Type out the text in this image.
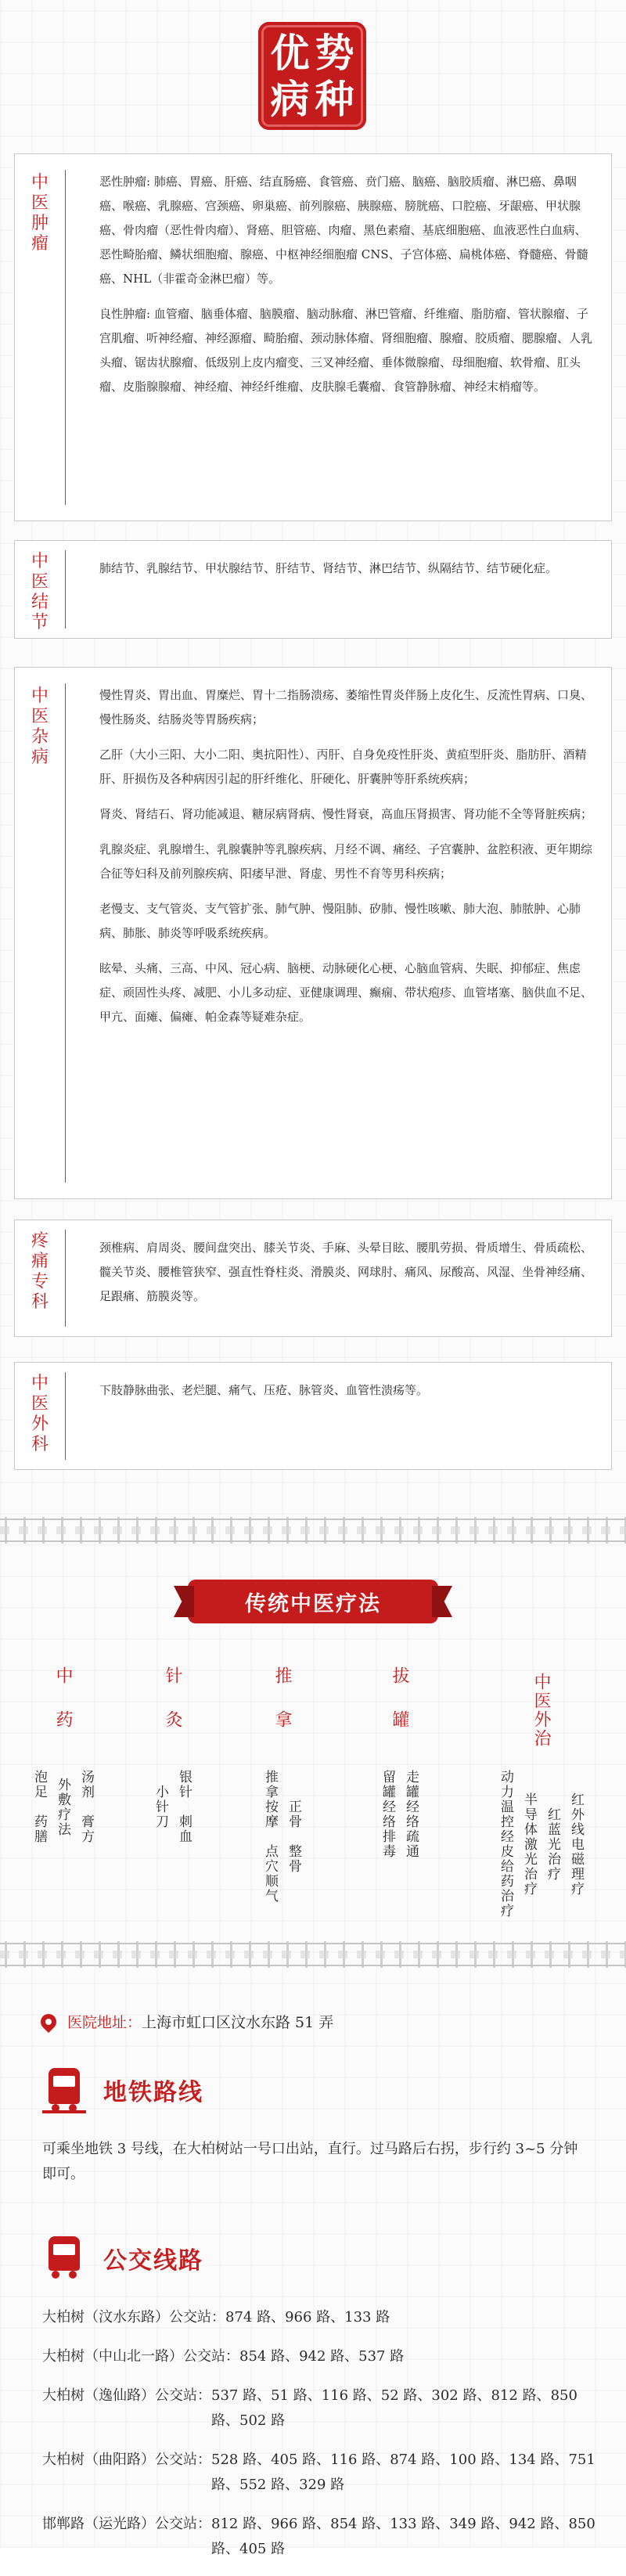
优 势
病 种
中
医
肿
瘤

恶性肿瘤: 肺癌、胃癌、肝癌、结直肠癌、食管癌、贲门癌、脑癌、脑胶质瘤、淋巴癌、鼻咽癌、喉癌、乳腺癌、宫颈癌、卵巢癌、前列腺癌、胰腺癌、膀胱癌、口腔癌、牙龈癌、甲状腺癌、骨肉瘤（恶性骨肉瘤）、肾癌、胆管癌、肉瘤、黑色素瘤、基底细胞癌、血液恶性白血病、恶性畸胎瘤、鳞状细胞瘤、腺癌、中枢神经细胞瘤 CNS、子宫体癌、扁桃体癌、脊髓癌、骨髓癌、NHL（非霍奇金淋巴瘤）等。

良性肿瘤: 血管瘤、脑垂体瘤、脑膜瘤、脑动脉瘤、淋巴管瘤、纤维瘤、脂肪瘤、管状腺瘤、子宫肌瘤、听神经瘤、神经源瘤、畸胎瘤、颈动脉体瘤、肾细胞瘤、腺瘤、胶质瘤、腮腺瘤、人乳头瘤、锯齿状腺瘤、低级别上皮内瘤变、三叉神经瘤、垂体微腺瘤、母细胞瘤、软骨瘤、肛头瘤、皮脂腺腺瘤、神经瘤、神经纤维瘤、皮肤腺毛囊瘤、食管静脉瘤、神经末梢瘤等。

中
医
结
节

肺结节、乳腺结节、甲状腺结节、肝结节、肾结节、淋巴结节、纵隔结节、结节硬化症。

中
医
杂
病

慢性胃炎、胃出血、胃糜烂、胃十二指肠溃疡、萎缩性胃炎伴肠上皮化生、反流性胃病、口臭、慢性肠炎、结肠炎等胃肠疾病；

乙肝（大小三阳、大小二阳、奥抗阳性）、丙肝、自身免疫性肝炎、黄疸型肝炎、脂肪肝、酒精肝、肝损伤及各种病因引起的肝纤维化、肝硬化、肝囊肿等肝系统疾病；

肾炎、肾结石、肾功能减退、糖尿病肾病、慢性肾衰，高血压肾损害、肾功能不全等肾脏疾病；

乳腺炎症、乳腺增生、乳腺囊肿等乳腺疾病、月经不调、痛经、子宫囊肿、盆腔积液、更年期综合征等妇科及前列腺疾病、阳痿早泄、肾虚、男性不育等男科疾病；

老慢支、支气管炎、支气管扩张、肺气肿、慢阻肺、矽肺、慢性咳嗽、肺大泡、肺脓肿、心肺病、肺胀、肺炎等呼吸系统疾病。

眩晕、头痛、三高、中风、冠心病、脑梗、动脉硬化心梗、心脑血管病、失眠、抑郁症、焦虑症、顽固性头疼、减肥、小儿多动症、亚健康调理、癫痫、带状疱疹、血管堵塞、脑供血不足、甲亢、面瘫、偏瘫、帕金森等疑难杂症。

疼
痛
专
科

颈椎病、肩周炎、腰间盘突出、膝关节炎、手麻、头晕目眩、腰肌劳损、骨质增生、骨质疏松、髋关节炎、腰椎管狭窄、强直性脊柱炎、滑膜炎、网球肘、痛风、尿酸高、风湿、坐骨神经痛、足跟痛、筋膜炎等。

中
医
外
科

下肢静脉曲张、老烂腿、痛气、压疮、脉管炎、血管性溃疡等。

传统中医疗法
中药
汤剂　膏方
外敷疗法
泡足　药膳
针灸
银针　刺血
小针刀
推拿
正骨　整骨
推拿按摩　点穴顺气
拔罐
走罐经络疏通
留罐经络排毒
中医外治
红外线电磁理疗
红蓝光治疗
半导体激光治疗
动力温控经皮给药治疗
医院地址： 上海市虹口区汶水东路 51 弄
地铁路线
可乘坐地铁 3 号线，在大柏树站一号口出站，直行。过马路后右拐，步行约 3~5 分钟即可。
公交线路
大柏树（汶水东路）公交站： 874 路、966 路、133 路
大柏树（中山北一路）公交站： 854 路、942 路、537 路
大柏树（逸仙路）公交站： 537 路、51 路、116 路、52 路、302 路、812 路、850 路、502 路
大柏树（曲阳路）公交站： 528 路、405 路、116 路、874 路、100 路、134 路、751 路、552 路、329 路
邯郸路（运光路）公交站： 812 路、966 路、854 路、133 路、349 路、942 路、850 路、405 路
